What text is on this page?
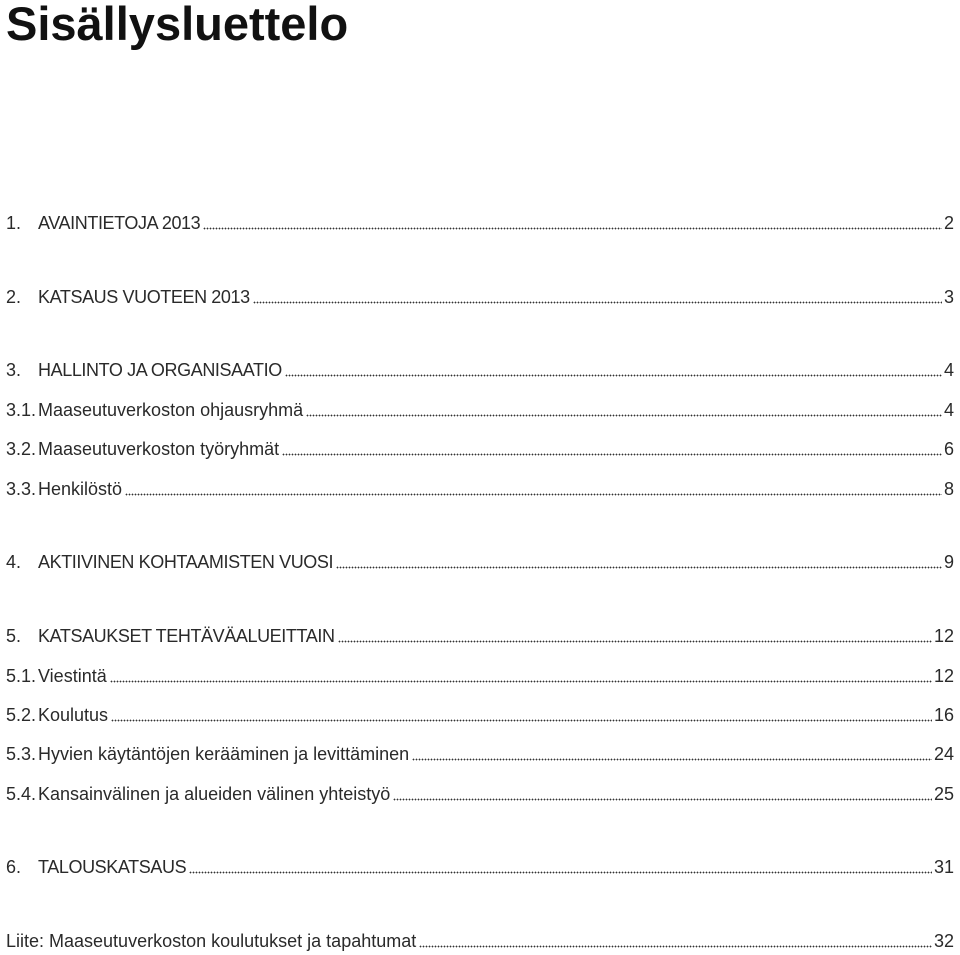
Sisällysluettelo
1. AVAINTIETOJA 2013	2
2. KATSAUS VUOTEEN 2013	3
3. HALLINTO JA ORGANISAATIO	4
3.1. Maaseutuverkoston ohjausryhmä	4
3.2. Maaseutuverkoston työryhmät	6
3.3. Henkilöstö	8
4. AKTIIVINEN KOHTAAMISTEN VUOSI	9
5. KATSAUKSET TEHTÄVÄALUEITTAIN	12
5.1. Viestintä	12
5.2. Koulutus	16
5.3. Hyvien käytäntöjen kerääminen ja levittäminen	24
5.4. Kansainvälinen ja alueiden välinen yhteistyö	25
6. TALOUSKATSAUS	31
Liite: Maaseutuverkoston koulutukset ja tapahtumat	32
